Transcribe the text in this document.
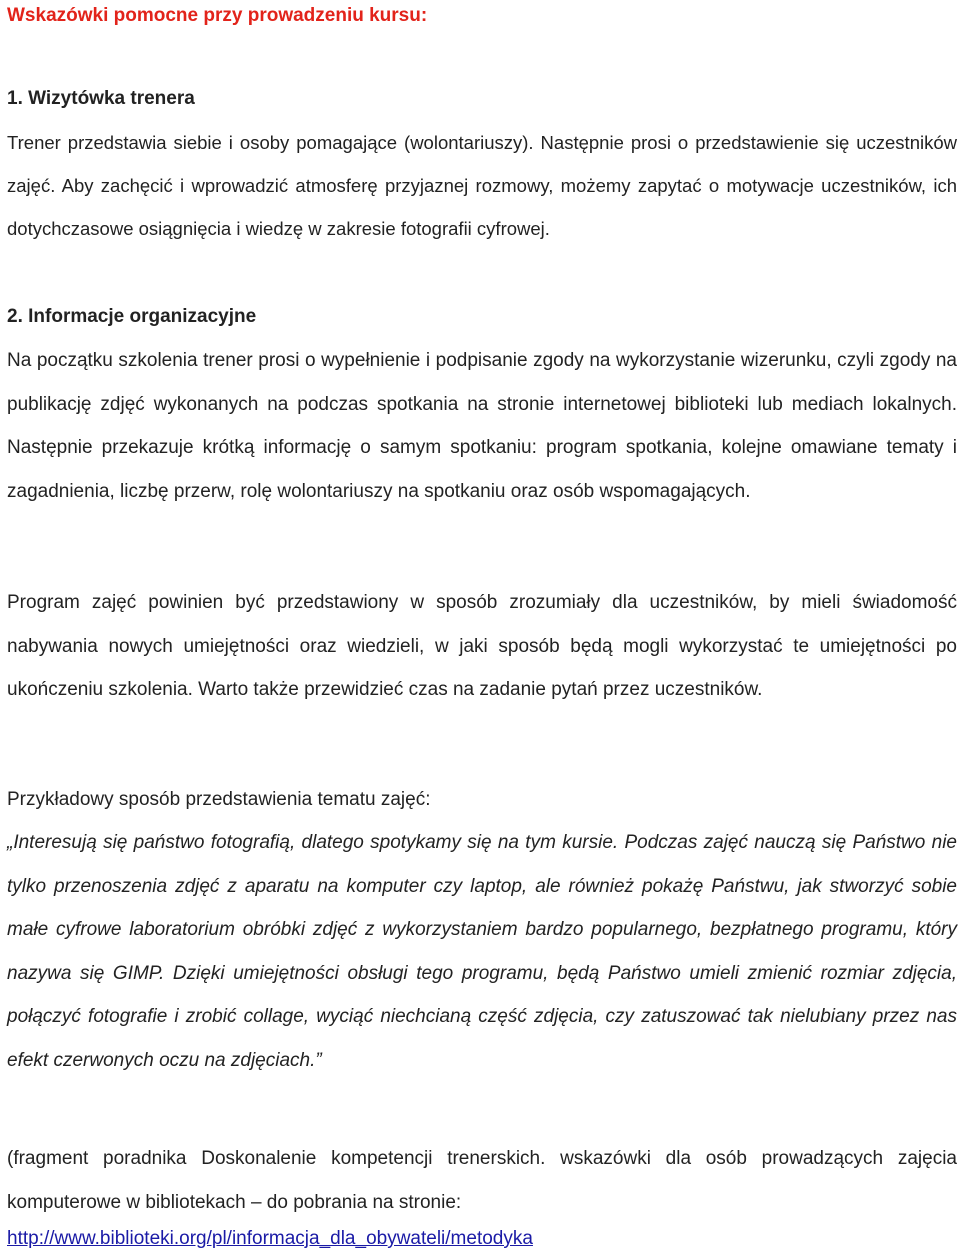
Wskazówki pomocne przy prowadzeniu kursu:
1. Wizytówka trenera

Trener przedstawia siebie i osoby pomagające (wolontariuszy). Następnie prosi o przedstawienie się uczestników zajęć. Aby zachęcić i wprowadzić atmosferę przyjaznej rozmowy, możemy zapytać o motywacje uczestników, ich dotychczasowe osiągnięcia i wiedzę w zakresie fotografii cyfrowej.

2. Informacje organizacyjne

Na początku szkolenia trener prosi o wypełnienie i podpisanie zgody na wykorzystanie wizerunku, czyli zgody na publikację zdjęć wykonanych na podczas spotkania na stronie internetowej biblioteki lub mediach lokalnych. Następnie przekazuje krótką informację o samym spotkaniu: program spotkania, kolejne omawiane tematy i zagadnienia, liczbę przerw, rolę wolontariuszy na spotkaniu oraz osób wspomagających.

Program zajęć powinien być przedstawiony w sposób zrozumiały dla uczestników, by mieli świadomość nabywania nowych umiejętności oraz wiedzieli, w jaki sposób będą mogli wykorzystać te umiejętności po ukończeniu szkolenia. Warto także przewidzieć czas na zadanie pytań przez uczestników.

Przykładowy sposób przedstawienia tematu zajęć:

„Interesują się państwo fotografią, dlatego spotykamy się na tym kursie. Podczas zajęć nauczą się Państwo nie tylko przenoszenia zdjęć z aparatu na komputer czy laptop, ale również pokażę Państwu, jak stworzyć sobie małe cyfrowe laboratorium obróbki zdjęć z wykorzystaniem bardzo popularnego, bezpłatnego programu, który nazywa się GIMP. Dzięki umiejętności obsługi tego programu, będą Państwo umieli zmienić rozmiar zdjęcia, połączyć fotografie i zrobić collage, wyciąć niechcianą część zdjęcia, czy zatuszować tak nielubiany przez nas efekt czerwonych oczu na zdjęciach.”

(fragment poradnika Doskonalenie kompetencji trenerskich. wskazówki dla osób prowadzących zajęcia komputerowe w bibliotekach – do pobrania na stronie:

http://www.biblioteki.org/pl/informacja_dla_obywateli/metodyka
